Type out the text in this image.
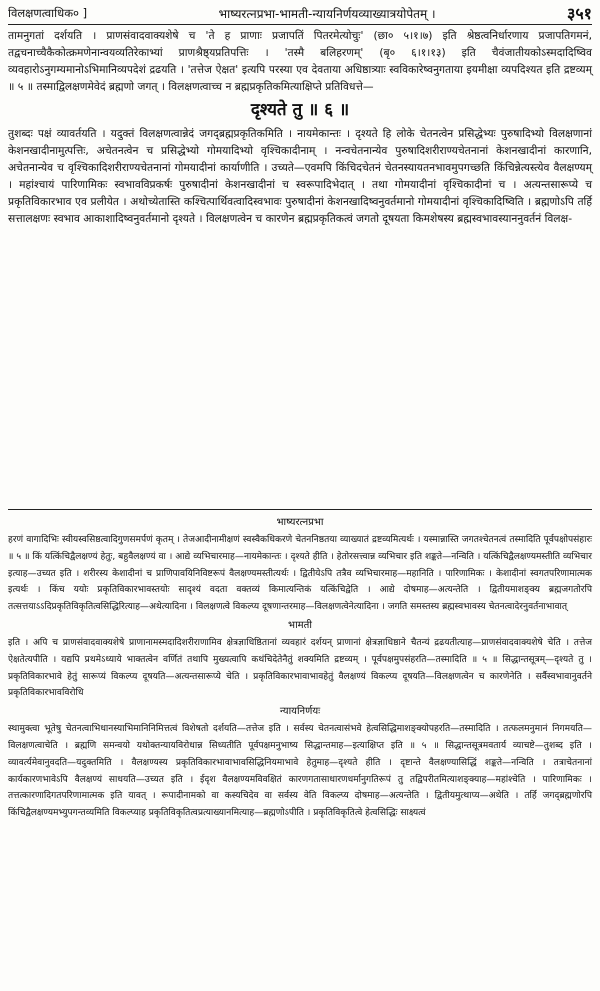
विलक्षणत्वाधिक० ]	भाष्यरत्नप्रभा-भामती-न्यायनिर्णयव्याख्यात्रयोपेतम् ।	३५१

तामनुगतां दर्शयति । प्राणसंवादवाक्यशेषे च 'ते ह प्राणाः प्रजापतिं पितरमेत्योचुः' (छा० ५।१।७) इति श्रेष्ठत्वनिर्धारणाय प्रजापतिगमनं, तद्वचनाच्चैकैकोत्क्रमणेनान्वयव्यतिरेकाभ्यां प्राणश्रैष्ठ्यप्रतिपत्तिः । 'तस्मै बलिहरणम्' (बृ० ६।१।१३) इति चैवंजातीयकोऽस्मदादिष्विव व्यवहारोऽनुगम्यमानोऽभिमानिव्यपदेशं द्रढयति । 'तत्तेज ऐक्षत' इत्यपि परस्या एव देवताया अधिष्ठात्र्याः स्वविकारेष्वनुगताया इयमीक्षा व्यपदिश्यत इति द्रष्टव्यम् ॥ ५ ॥ तस्माद्विलक्षणमेवेदं ब्रह्मणो जगत् । विलक्षणत्वाच्च न ब्रह्मप्रकृतिकमित्याक्षिप्ते प्रतिविधत्ते—

दृश्यते तु ॥ ६ ॥

तुशब्दः पक्षं व्यावर्तयति । यदुक्तं विलक्षणत्वान्नेदं जगद्ब्रह्मप्रकृतिकमिति । नायमेकान्तः । दृश्यते हि लोके चेतनत्वेन प्रसिद्धेभ्यः पुरुषादिभ्यो विलक्षणानां केशनखादीनामुत्पत्तिः, अचेतनत्वेन च प्रसिद्धेभ्यो गोमयादिभ्यो वृश्चिकादीनाम् । नन्वचेतनान्येव पुरुषादिशरीराण्यचेतनानां केशनखादीनां कारणानि, अचेतनान्येव च वृश्चिकादिशरीराण्यचेतनानां गोमयादीनां कार्याणीति । उच्यते—एवमपि किंचिदचेतनं चेतनस्यायतनभावमुपगच्छति किंचिन्नेत्यस्त्येव वैलक्षण्यम् । महांश्चायं पारिणामिकः स्वभावविप्रकर्षः पुरुषादीनां केशनखादीनां च स्वरूपादिभेदात् । तथा गोमयादीनां वृश्चिकादीनां च । अत्यन्तसारूप्ये च प्रकृतिविकारभाव एव प्रलीयेत । अथोच्येतास्ति कश्चित्पार्थिवत्वादिस्वभावः पुरुषादीनां केशनखादिष्वनुवर्तमानो गोमयादीनां वृश्चिकादिष्विति । ब्रह्मणोऽपि तर्हि सत्तालक्षणः स्वभाव आकाशादिष्वनुवर्तमानो दृश्यते । विलक्षणत्वेन च कारणेन ब्रह्मप्रकृतिकत्वं जगतो दूषयता किमशेषस्य ब्रह्मस्वभावस्याननुवर्तनं विलक्ष-

भाष्यरत्नप्रभा

हरणं वागादिभिः स्वीयस्वसिष्ठत्वादिगुणसमर्पणं कृतम् । तेजआदीनामीक्षणं स्वस्वैकधिकरणे चेतननिष्ठतया व्याख्यातं द्रष्टव्यमित्यर्थः । यस्मान्नास्ति जगतश्चेतनत्वं तस्मादिति पूर्वपक्षोपसंहारः ॥ ५ ॥ किं यत्किंचिद्वैलक्षण्यं हेतुः, बहुवैलक्षण्यं वा । आद्ये व्यभिचारमाह—नायमेकान्तः । दृश्यते हीति । हेतोरसत्त्वान्न व्यभिचार इति शङ्कते—नन्विति । यत्किंचिद्वैलक्षण्यमस्तीति व्यभिचार इत्याह—उच्यत इति । शरीरस्य केशादीनां च प्राणिपावयिनिविष्टरूपं वैलक्षण्यमस्तीत्यर्थः । द्वितीयेऽपि तत्रैव व्यभिचारमाह—महानिति । पारिणामिकः । केशादीनां स्वगतपरिणामात्मक इत्यर्थः । किंच ययोः प्रकृतिविकारभावस्तयोः सादृश्यं वदता वक्तव्यं किमात्यन्तिकं यत्किंचिद्वेति । आद्ये दोषमाह—अत्यन्तेति । द्वितीयमाशङ्क्य ब्रह्मजगतोरपि तत्सत्तयाऽऽदिप्रकृतिविकृतित्वसिद्धिरित्याह—अथेत्यादिना । विलक्षणत्वे विकल्प्य दूषणान्तरमाह—विलक्षणत्वेनेत्यादिना । जगति समस्तस्य ब्रह्मस्वभावस्य चेतनत्वादेरनुवर्तनाभावात्

भामती

इति । अपि च प्राणसंवादवाक्यशेषे प्राणानामस्मदादिशरीराणामिव क्षेत्रज्ञाधिष्ठितानां व्यवहारं दर्शयन् प्राणानां क्षेत्रज्ञाधिष्ठाने चैतन्यं द्रढयतीत्याह—प्राणसंवादवाक्यशेषे चेति । तत्तेज ऐक्षतेत्यपीति । यद्यपि प्रथमेऽध्याये भाक्तत्वेन वर्णितं तथापि मुख्यत्वापि कथंचिदेतेनैतुं शक्यमिति द्रष्टव्यम् । पूर्वपक्षमुपसंहरति—तस्मादिति ॥ ५ ॥ सिद्धान्तसूत्रम्—दृश्यते तु । प्रकृतिविकारभावे हेतुं सारूप्यं विकल्प्य दूषयति—अत्यन्तसारूप्ये चेति । प्रकृतिविकारभावाभावहेतुं वैलक्षण्यं विकल्प्य दूषयति—विलक्षणत्वेन च कारणेनेति । सर्वैस्वभावानुवर्तने प्रकृतिविकारभावविरोधि

न्यायनिर्णयः

स्थामुक्त्वा भूतेषु चेतनत्वाभिधानस्याभिमानिनिमित्तत्वं विशेषतो दर्शयति—तत्तेज इति । सर्वस्य चेतनत्वासंभवे हेत्वसिद्धिमाशङ्क्योपहरति—तस्मादिति । तत्फलमनुमानं निगमयति—विलक्षणत्वाचेति । ब्रह्मणि समन्वयो यथोक्तन्यायविरोधान्न सिध्यतीति पूर्वपक्षमनुभाष्य सिद्धान्तमाह—इत्याक्षिप्त इति ॥ ५ ॥ सिद्धान्तसूत्रमवतार्य व्याचष्टे—तुशब्द इति । व्यावर्त्यमेवानुवदति—यदुक्तमिति । वैलक्षण्यस्य प्रकृतिविकारभावाभावसिद्धिनियमाभावे हेतुमाह—दृश्यते हीति । दृष्टान्ते वैलक्षण्यासिद्धिं शङ्कते—नन्विति । तत्राचेतनानां कार्यकारणभावेऽपि वैलक्षण्यं साधयति—उच्यत इति । ईदृश वैलक्षण्यमविवक्षितं कारणगतासाधारणधर्मानुगतिरूपं तु तद्विपरीतमित्याशङ्क्याह—महांश्चेति । पारिणामिकः । तत्तत्कारणादिगतपरिणामात्मक इति यावत् । रूपादीनामको वा कस्यचिदेव वा सर्वस्य वेति विकल्प्य दोषमाह—अत्यन्तेति । द्वितीयमुत्थाप्य—अथेति । तर्हि जगद्ब्रह्मणोरपि किंचिद्वैलक्षण्यमभ्युपगन्तव्यमिति विकल्प्याह प्रकृतिविकृतित्वप्रत्याख्यानमित्याह—ब्रह्मणोऽपीति । प्रकृतिविकृतित्वे हेत्वसिद्धिः साक्ष्यत्वं
